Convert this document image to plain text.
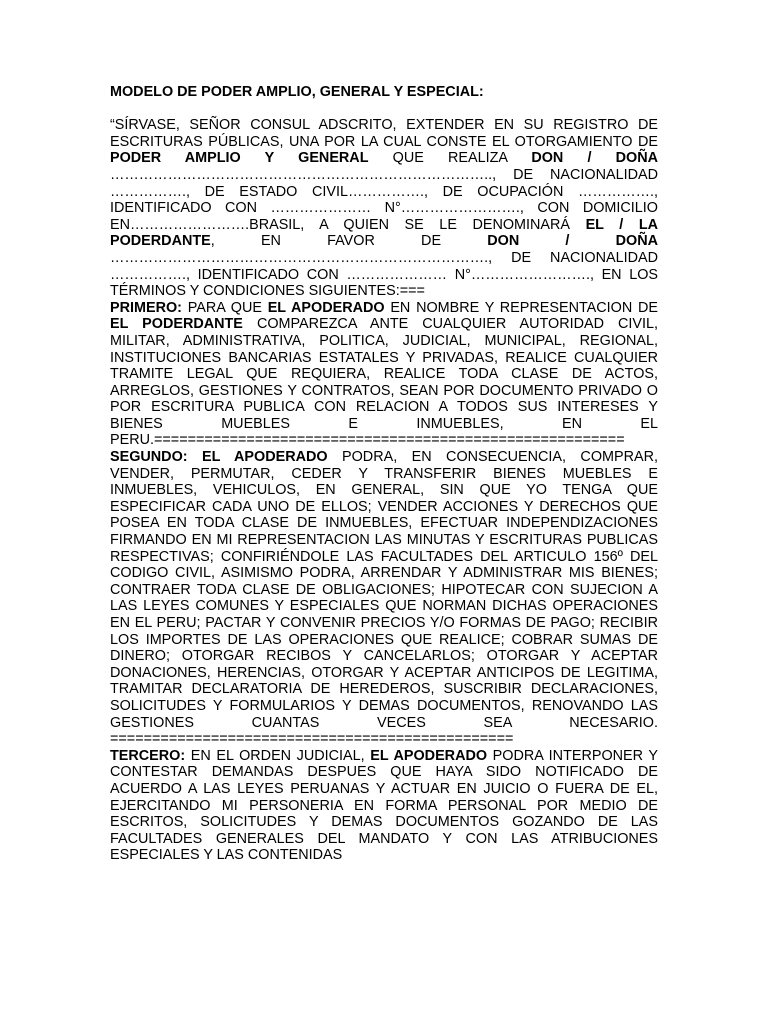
MODELO DE PODER AMPLIO, GENERAL Y ESPECIAL:

“SÍRVASE, SEÑOR CONSUL ADSCRITO, EXTENDER EN SU REGISTRO DE ESCRITURAS PÚBLICAS, UNA POR LA CUAL CONSTE EL OTORGAMIENTO DE PODER AMPLIO Y GENERAL QUE REALIZA DON / DOÑA …………………………………………………………………….., DE NACIONALIDAD ……………., DE ESTADO CIVIL……………., DE OCUPACIÓN ……………., IDENTIFICADO CON ………………… N°……………………., CON DOMICILIO EN…………………….BRASIL, A QUIEN SE LE DENOMINARÁ EL / LA PODERDANTE, EN FAVOR DE DON / DOÑA ……………………………………………………………………., DE NACIONALIDAD ……………., IDENTIFICADO CON ………………… N°……………………., EN LOS TÉRMINOS Y CONDICIONES SIGUIENTES:===

PRIMERO: PARA QUE EL APODERADO EN NOMBRE Y REPRESENTACION DE EL PODERDANTE COMPAREZCA ANTE CUALQUIER AUTORIDAD CIVIL, MILITAR, ADMINISTRATIVA, POLITICA, JUDICIAL, MUNICIPAL, REGIONAL, INSTITUCIONES BANCARIAS ESTATALES Y PRIVADAS, REALICE CUALQUIER TRAMITE LEGAL QUE REQUIERA, REALICE TODA CLASE DE ACTOS, ARREGLOS, GESTIONES Y CONTRATOS, SEAN POR DOCUMENTO PRIVADO O POR ESCRITURA PUBLICA CON RELACION A TODOS SUS INTERESES Y BIENES MUEBLES E INMUEBLES, EN EL PERU.========================================================

SEGUNDO: EL APODERADO PODRA, EN CONSECUENCIA, COMPRAR, VENDER, PERMUTAR, CEDER Y TRANSFERIR BIENES MUEBLES E INMUEBLES, VEHICULOS, EN GENERAL, SIN QUE YO TENGA QUE ESPECIFICAR CADA UNO DE ELLOS; VENDER ACCIONES Y DERECHOS QUE POSEA EN TODA CLASE DE INMUEBLES, EFECTUAR INDEPENDIZACIONES FIRMANDO EN MI REPRESENTACION LAS MINUTAS Y ESCRITURAS PUBLICAS RESPECTIVAS; CONFIRIÉNDOLE LAS FACULTADES DEL ARTICULO 156º DEL CODIGO CIVIL, ASIMISMO PODRA, ARRENDAR Y ADMINISTRAR MIS BIENES; CONTRAER TODA CLASE DE OBLIGACIONES; HIPOTECAR CON SUJECION A LAS LEYES COMUNES Y ESPECIALES QUE NORMAN DICHAS OPERACIONES EN EL PERU; PACTAR Y CONVENIR PRECIOS Y/O FORMAS DE PAGO; RECIBIR LOS IMPORTES DE LAS OPERACIONES QUE REALICE; COBRAR SUMAS DE DINERO; OTORGAR RECIBOS Y CANCELARLOS; OTORGAR Y ACEPTAR DONACIONES, HERENCIAS, OTORGAR Y ACEPTAR ANTICIPOS DE LEGITIMA, TRAMITAR DECLARATORIA DE HEREDEROS, SUSCRIBIR DECLARACIONES, SOLICITUDES Y FORMULARIOS Y DEMAS DOCUMENTOS, RENOVANDO LAS GESTIONES CUANTAS VECES SEA NECESARIO. ================================================

TERCERO: EN EL ORDEN JUDICIAL, EL APODERADO PODRA INTERPONER Y CONTESTAR DEMANDAS DESPUES QUE HAYA SIDO NOTIFICADO DE ACUERDO A LAS LEYES PERUANAS Y ACTUAR EN JUICIO O FUERA DE EL, EJERCITANDO MI PERSONERIA EN FORMA PERSONAL POR MEDIO DE ESCRITOS, SOLICITUDES Y DEMAS DOCUMENTOS GOZANDO DE LAS FACULTADES GENERALES DEL MANDATO Y CON LAS ATRIBUCIONES ESPECIALES Y LAS CONTENIDAS
